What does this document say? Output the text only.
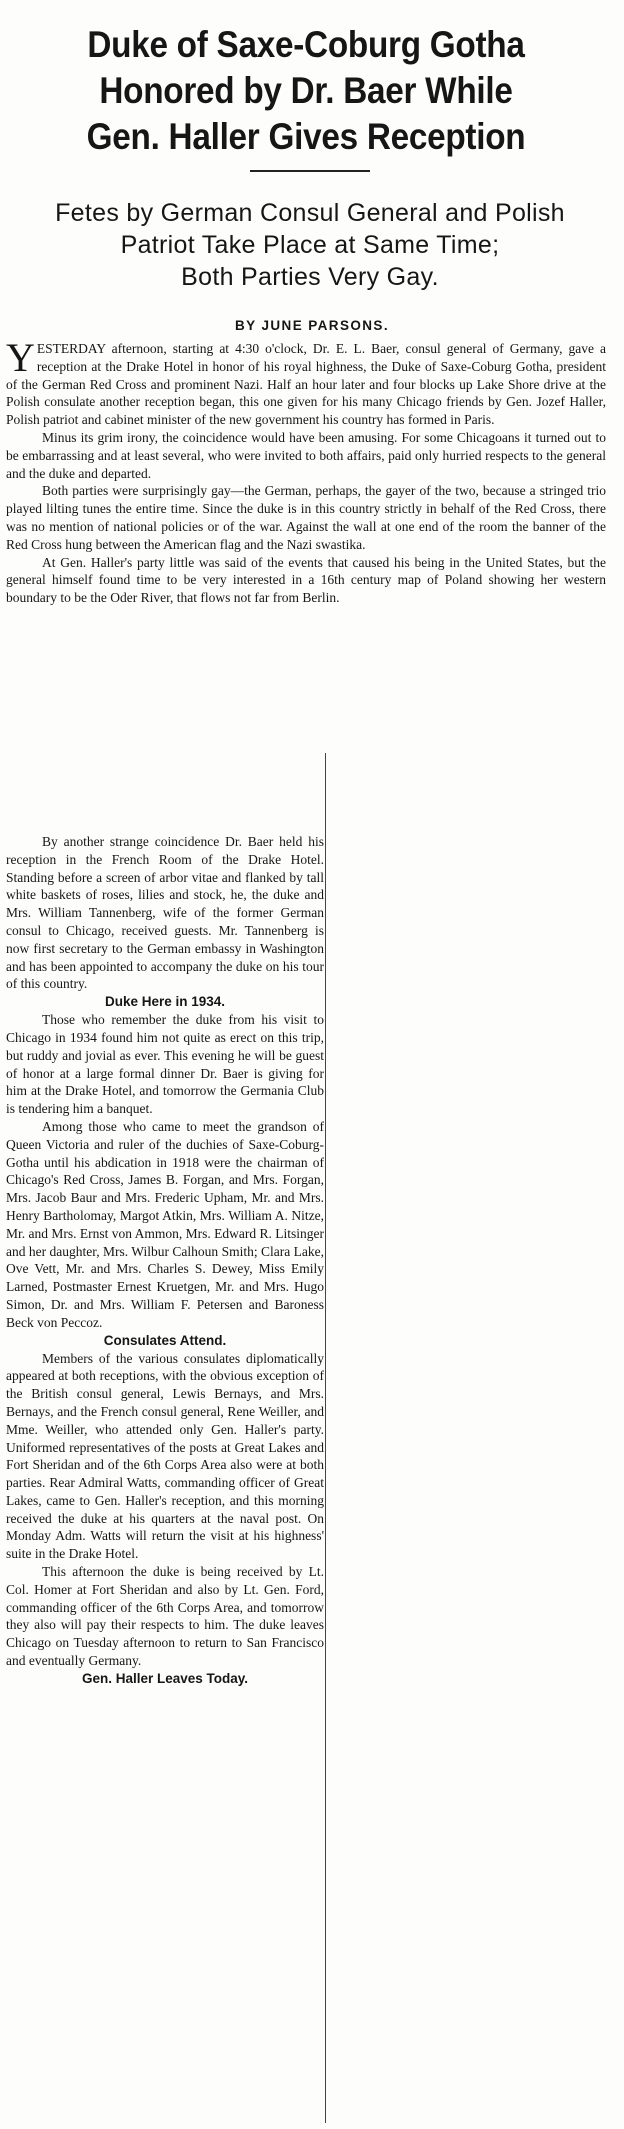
Duke of Saxe-Coburg Gotha
Honored by Dr. Baer While
Gen. Haller Gives Reception
Fetes by German Consul General and Polish
Patriot Take Place at Same Time;
Both Parties Very Gay.
BY JUNE PARSONS.

YESTERDAY afternoon, starting at 4:30 o'clock, Dr. E. L. Baer, consul general of Germany, gave a reception at the Drake Hotel in honor of his royal highness, the Duke of Saxe-Coburg Gotha, president of the German Red Cross and prominent Nazi. Half an hour later and four blocks up Lake Shore drive at the Polish consulate another reception began, this one given for his many Chicago friends by Gen. Jozef Haller, Polish patriot and cabinet minister of the new government his country has formed in Paris.

Minus its grim irony, the coincidence would have been amusing. For some Chicagoans it turned out to be embarrassing and at least several, who were invited to both affairs, paid only hurried respects to the general and the duke and departed.

Both parties were surprisingly gay—the German, perhaps, the gayer of the two, because a stringed trio played lilting tunes the entire time. Since the duke is in this country strictly in behalf of the Red Cross, there was no mention of national policies or of the war. Against the wall at one end of the room the banner of the Red Cross hung between the American flag and the Nazi swastika.

At Gen. Haller's party little was said of the events that caused his being in the United States, but the general himself found time to be very interested in a 16th century map of Poland showing her western boundary to be the Oder River, that flows not far from Berlin.

By another strange coincidence Dr. Baer held his reception in the French Room of the Drake Hotel. Standing before a screen of arbor vitae and flanked by tall white baskets of roses, lilies and stock, he, the duke and Mrs. William Tannenberg, wife of the former German consul to Chicago, received guests. Mr. Tannenberg is now first secretary to the German embassy in Washington and has been appointed to accompany the duke on his tour of this country.

Duke Here in 1934.

Those who remember the duke from his visit to Chicago in 1934 found him not quite as erect on this trip, but ruddy and jovial as ever. This evening he will be guest of honor at a large formal dinner Dr. Baer is giving for him at the Drake Hotel, and tomorrow the Germania Club is tendering him a banquet.

Among those who came to meet the grandson of Queen Victoria and ruler of the duchies of Saxe-Coburg-Gotha until his abdication in 1918 were the chairman of Chicago's Red Cross, James B. Forgan, and Mrs. Forgan, Mrs. Jacob Baur and Mrs. Frederic Upham, Mr. and Mrs. Henry Bartholomay, Margot Atkin, Mrs. William A. Nitze, Mr. and Mrs. Ernst von Ammon, Mrs. Edward R. Litsinger and her daughter, Mrs. Wilbur Calhoun Smith; Clara Lake, Ove Vett, Mr. and Mrs. Charles S. Dewey, Miss Emily Larned, Postmaster Ernest Kruetgen, Mr. and Mrs. Hugo Simon, Dr. and Mrs. William F. Petersen and Baroness Beck von Peccoz.

Consulates Attend.

Members of the various consulates diplomatically appeared at both receptions, with the obvious exception of the British consul general, Lewis Bernays, and Mrs. Bernays, and the French consul general, Rene Weiller, and Mme. Weiller, who attended only Gen. Haller's party. Uniformed representatives of the posts at Great Lakes and Fort Sheridan and of the 6th Corps Area also were at both parties. Rear Admiral Watts, commanding officer of Great Lakes, came to Gen. Haller's reception, and this morning received the duke at his quarters at the naval post. On Monday Adm. Watts will return the visit at his highness' suite in the Drake Hotel.

This afternoon the duke is being received by Lt. Col. Homer at Fort Sheridan and also by Lt. Gen. Ford, commanding officer of the 6th Corps Area, and tomorrow they also will pay their respects to him. The duke leaves Chicago on Tuesday afternoon to return to San Francisco and eventually Germany.

Gen. Haller Leaves Today.
